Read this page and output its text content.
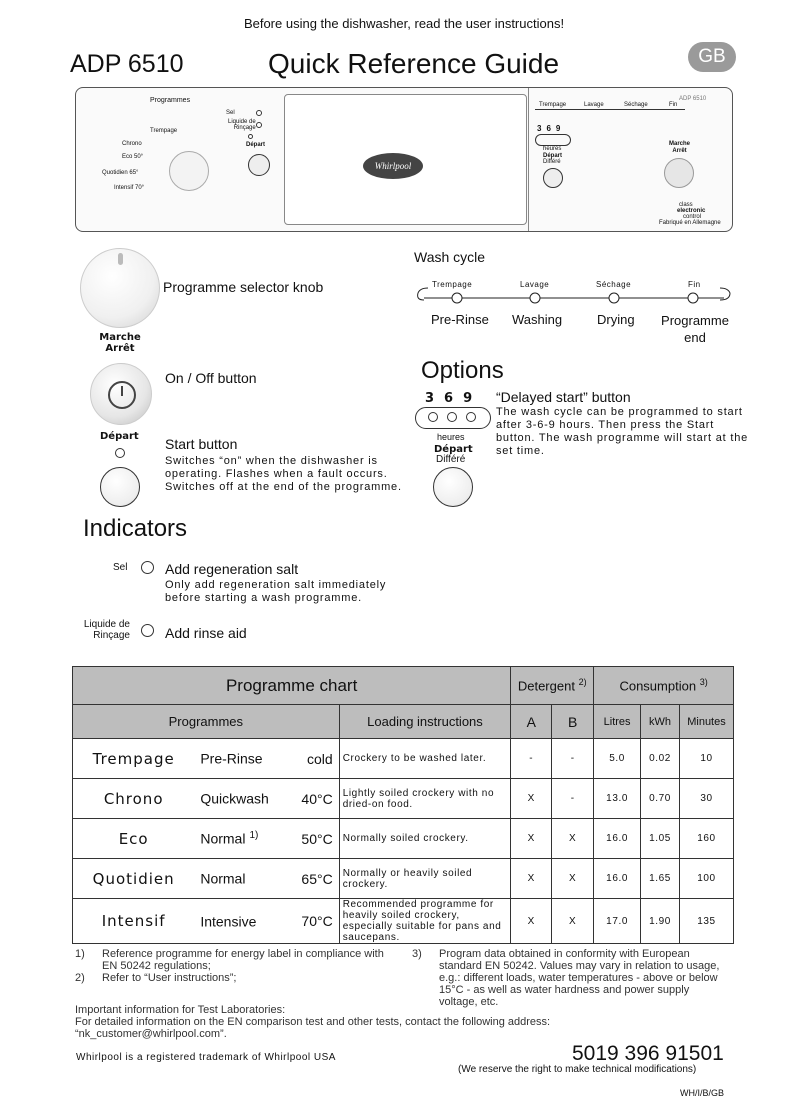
Before using the dishwasher, read the user instructions!
ADP 6510	Quick Reference Guide	GB
Programmes
Trempage
Chrono
Eco 50°
Quotidien 65°
Intensif 70°
Sel
Liquide de
Rinçage
Départ
Whirlpool
ADP 6510
Trempage	Lavage	Séchage	Fin
369
heures
Départ
Différé
Marche
Arrêt
class
electronic
control
Fabriqué en Allemagne
Programme selector knob
Marche
Arrêt
On / Off button
Départ Start button
Switches “on” when the dishwasher is
operating. Flashes when a fault occurs.
Switches off at the end of the programme.
Wash cycle
Trempage	Lavage	Séchage	Fin
Pre-Rinse Washing	Drying Programme
end
Options
369
heures
Départ
Différé
“Delayed start” button
The wash cycle can be programmed to start
after 3-6-9 hours. Then press the Start
button. The wash programme will start at the
set time.
Indicators
Sel	Add regeneration salt
Only add regeneration salt immediately
before starting a wash programme.
Liquide de
Rinçage	Add rinse aid
Programme chart				Detergent $^{2)}$		Consumption $^{3)}$
Programmes			Loading instructions	A	B	Litres	kWh	Minutes
Trempage	Pre-Rinse	cold	Crockery to be washed later.	-	-	5.0	0.02	10
Chrono	Quickwash	40°C	Lightly soiled crockery with no dried-on food.	X	-	13.0	0.70	30
Eco	Normal $^{1)}$	50°C	Normally soiled crockery.	X	X	16.0	1.05	160
Quotidien	Normal	65°C	Normally or heavily soiled crockery.	X	X	16.0	1.65	100
Intensif	Intensive	70°C	Recommended programme for heavily soiled crockery, especially suitable for pans and saucepans.	X	X	17.0	1.90	135
1) Reference programme for energy label in compliance with
EN 50242 regulations;
2) Refer to “User instructions”;
3) Program data obtained in conformity with European
standard EN 50242. Values may vary in relation to usage,
e.g.: different loads, water temperatures - above or below
15°C - as well as water hardness and power supply
voltage, etc.
Important information for Test Laboratories:
For detailed information on the EN comparison test and other tests, contact the following address:
“nk_customer@whirlpool.com”.
Whirlpool is a registered trademark of Whirlpool USA	5019 396 91501
(We reserve the right to make technical modifications)
WH/I/B/GB
